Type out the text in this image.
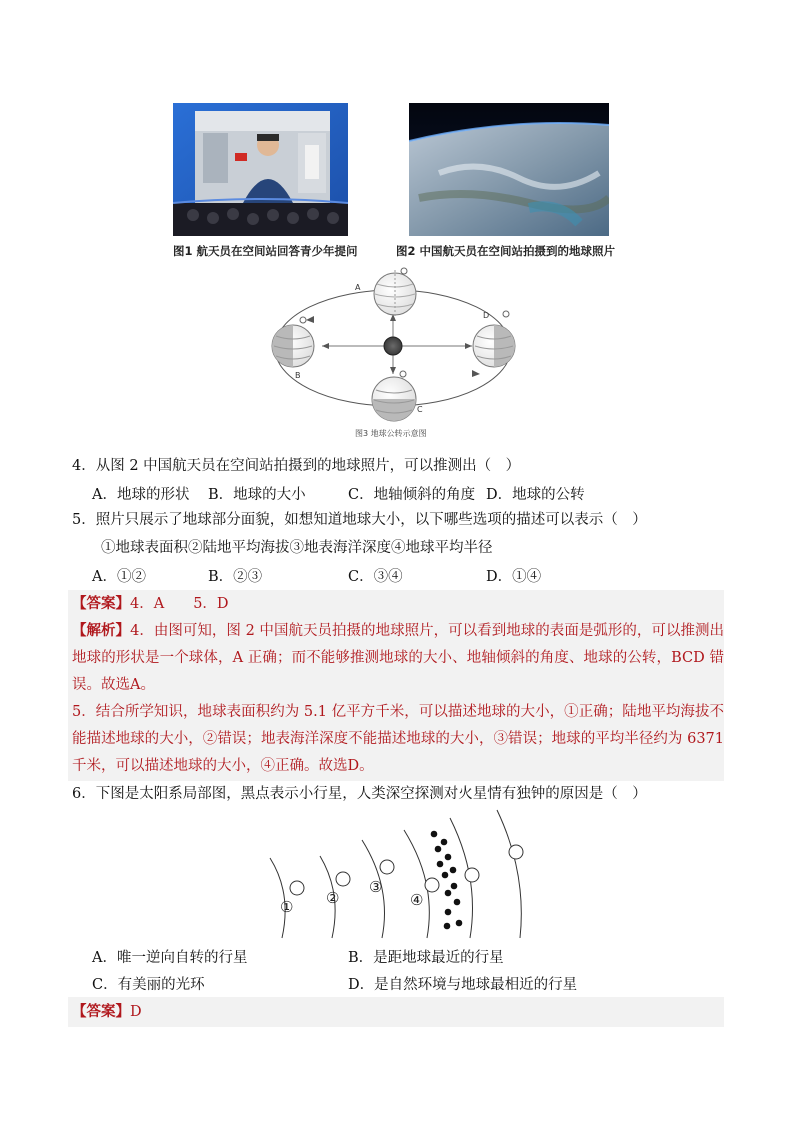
图1 航天员在空间站回答青少年提问	图2 中国航天员在空间站拍摄到的地球照片
A
B
C
D
图3 地球公转示意图
4．从图 2 中国航天员在空间站拍摄到的地球照片，可以推测出（　）
A．地球的形状 B．地球的大小	C．地轴倾斜的角度 D．地球的公转
5．照片只展示了地球部分面貌，如想知道地球大小，以下哪些选项的描述可以表示（　）
①地球表面积②陆地平均海拔③地表海洋深度④地球平均半径
A．①②	B．②③	C．③④	D．①④
【答案】4．A　　5．D
【解析】4．由图可知，图 2 中国航天员拍摄的地球照片，可以看到地球的表面是弧形的，可以推测出地球的形状是一个球体，A 正确；而不能够推测地球的大小、地轴倾斜的角度、地球的公转，BCD 错误。故选A。
5．结合所学知识，地球表面积约为 5.1 亿平方千米，可以描述地球的大小，①正确；陆地平均海拔不能描述地球的大小，②错误；地表海洋深度不能描述地球的大小，③错误；地球的平均半径约为 6371 千米，可以描述地球的大小，④正确。故选D。
6．下图是太阳系局部图，黑点表示小行星，人类深空探测对火星情有独钟的原因是（　）
① ②
③
④
A．唯一逆向自转的行星	B．是距地球最近的行星
C．有美丽的光环	D．是自然环境与地球最相近的行星
【答案】D
